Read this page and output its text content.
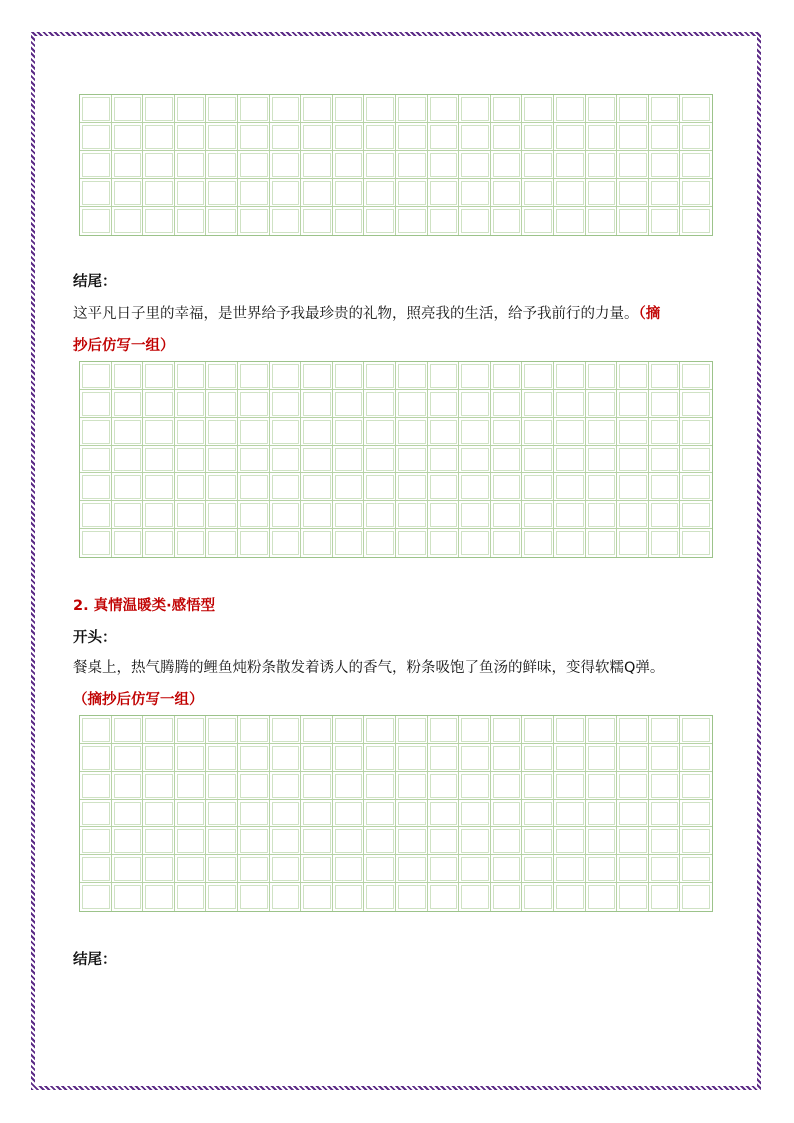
结尾：
这平凡日子里的幸福，是世界给予我最珍贵的礼物，照亮我的生活，给予我前行的力量。（摘
抄后仿写一组）
2. 真情温暖类·感悟型
开头：
餐桌上，热气腾腾的鲤鱼炖粉条散发着诱人的香气，粉条吸饱了鱼汤的鲜味，变得软糯Q弹。
（摘抄后仿写一组）
结尾：
